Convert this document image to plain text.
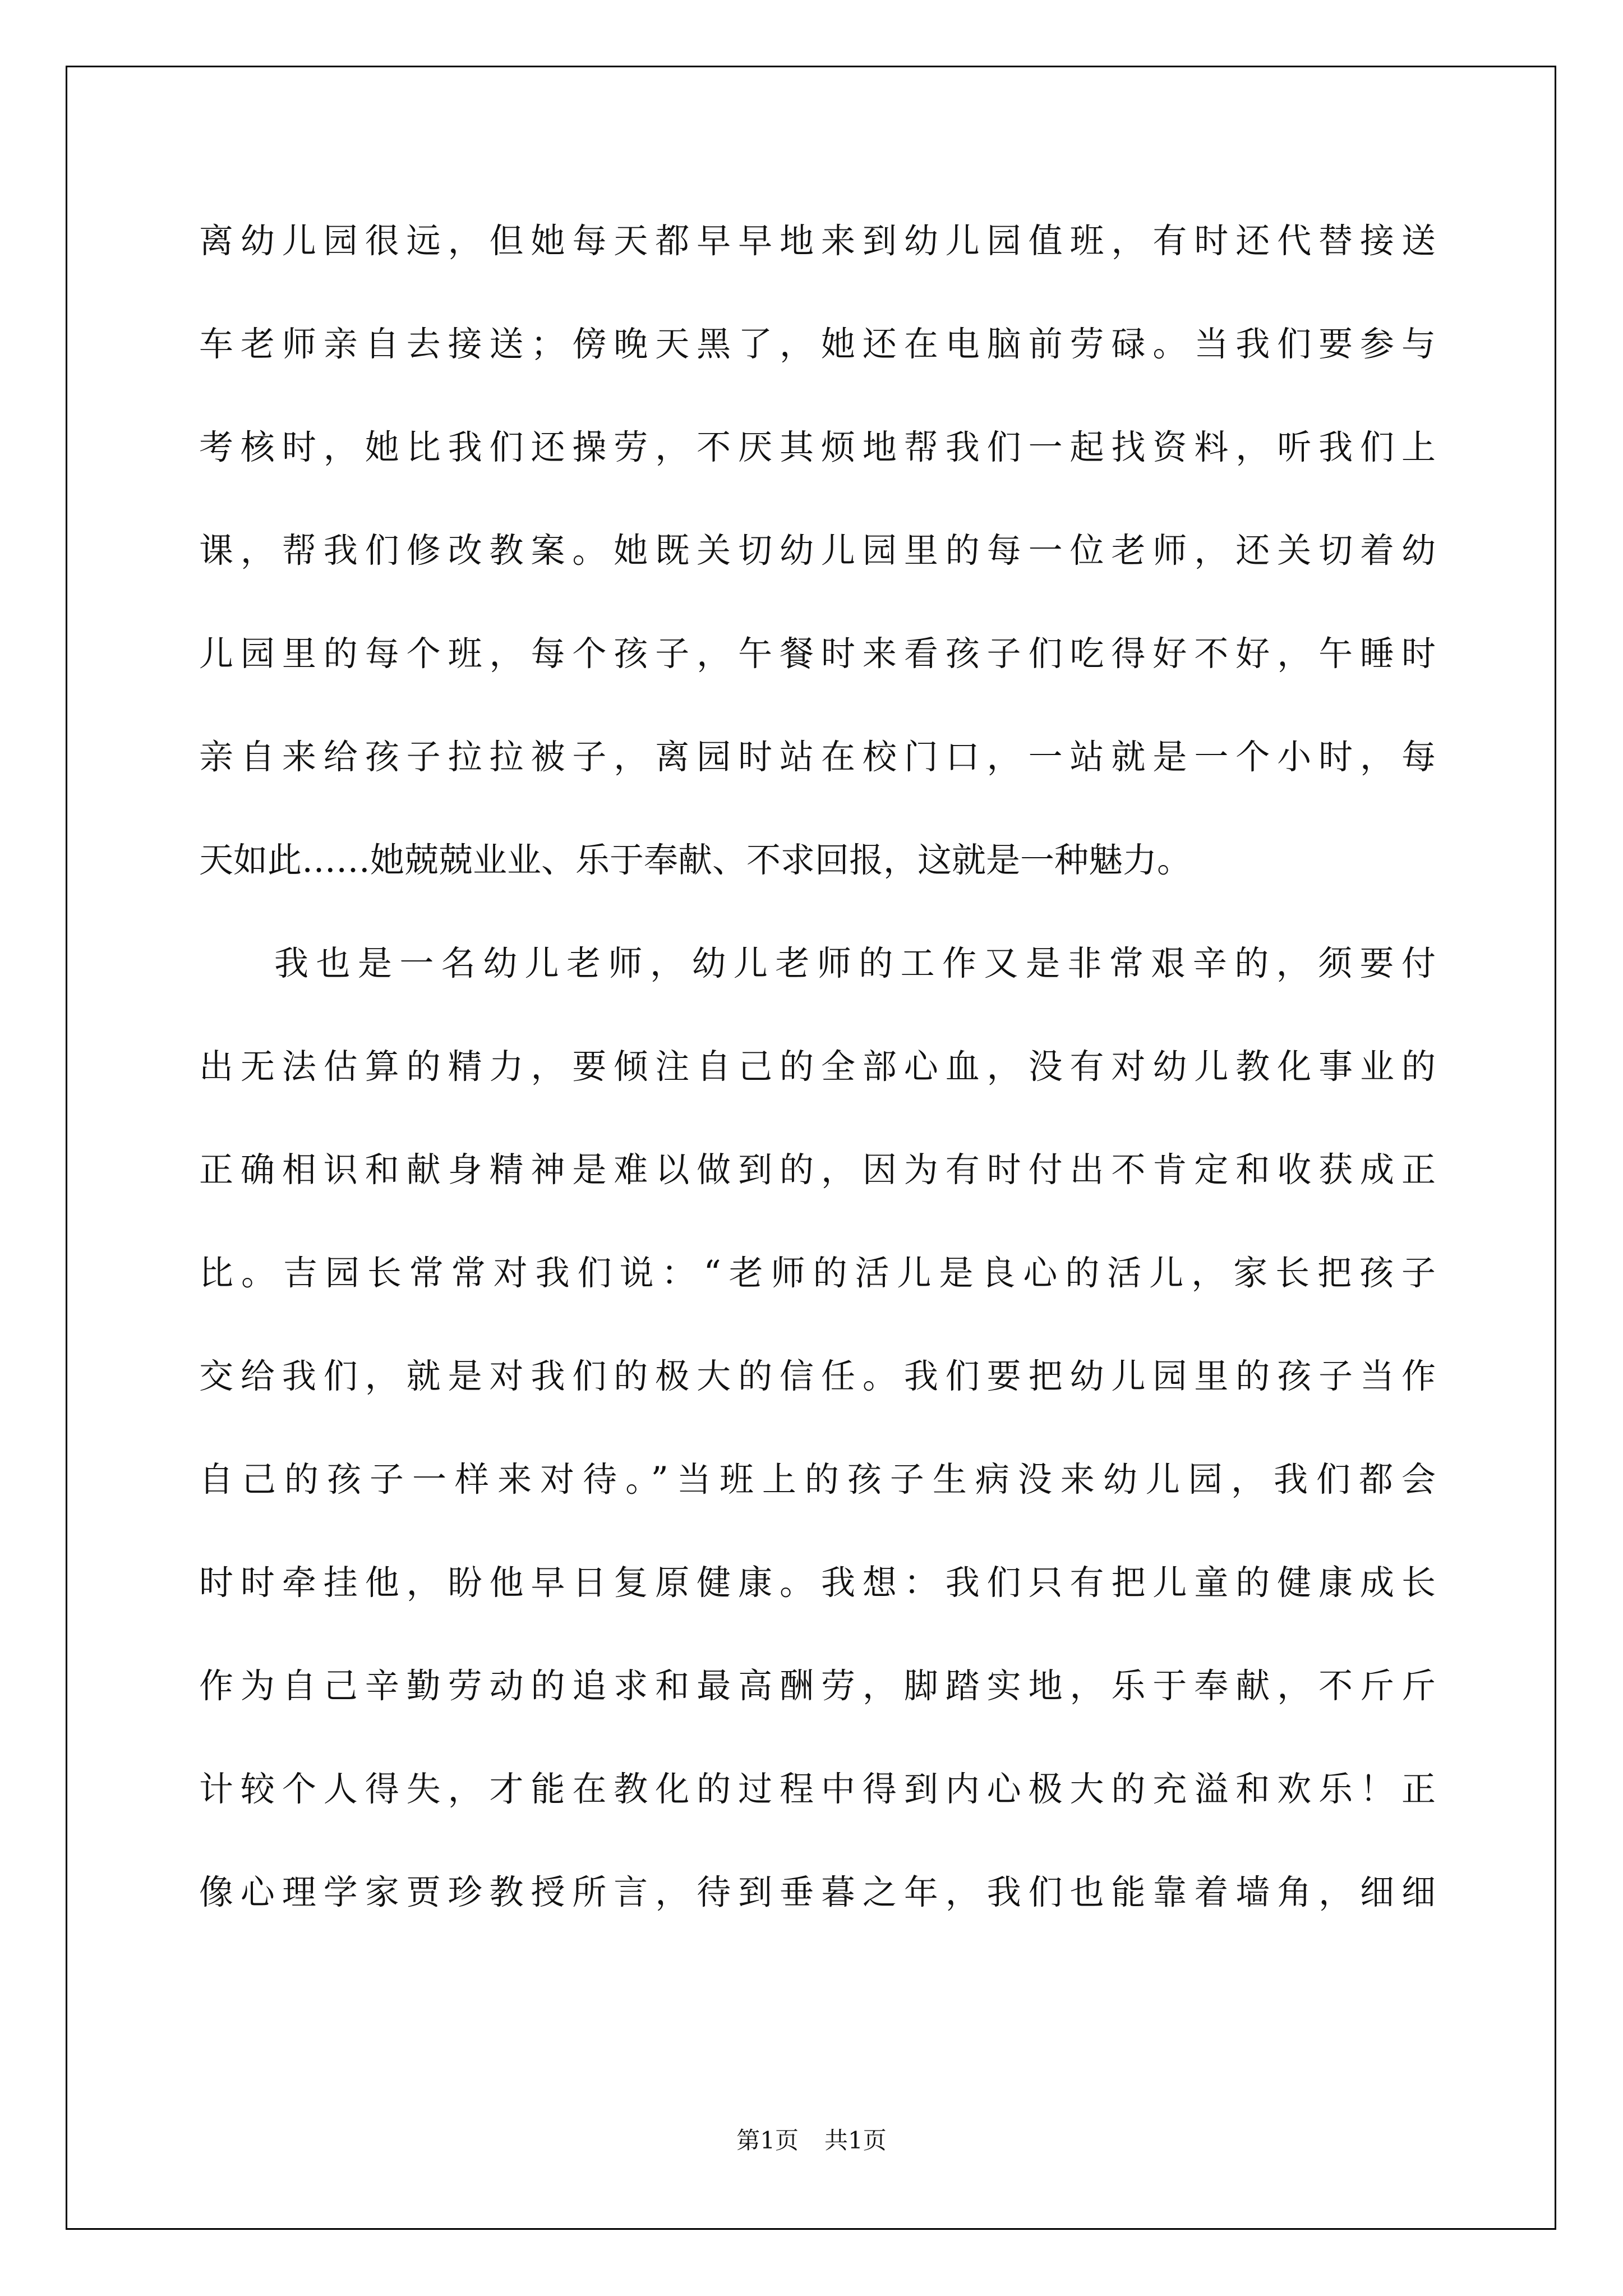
离幼儿园很远，但她每天都早早地来到幼儿园值班，有时还代替接送
车老师亲自去接送；傍晚天黑了，她还在电脑前劳碌。当我们要参与
考核时，她比我们还操劳，不厌其烦地帮我们一起找资料，听我们上
课，帮我们修改教案。她既关切幼儿园里的每一位老师，还关切着幼
儿园里的每个班，每个孩子，午餐时来看孩子们吃得好不好，午睡时
亲自来给孩子拉拉被子，离园时站在校门口，一站就是一个小时，每
天如此……她兢兢业业、乐于奉献、不求回报，这就是一种魅力。
我也是一名幼儿老师，幼儿老师的工作又是非常艰辛的，须要付
出无法估算的精力，要倾注自己的全部心血，没有对幼儿教化事业的
正确相识和献身精神是难以做到的，因为有时付出不肯定和收获成正
比。吉园长常常对我们说：“老师的活儿是良心的活儿，家长把孩子
交给我们，就是对我们的极大的信任。我们要把幼儿园里的孩子当作
自己的孩子一样来对待。”当班上的孩子生病没来幼儿园，我们都会
时时牵挂他，盼他早日复原健康。我想：我们只有把儿童的健康成长
作为自己辛勤劳动的追求和最高酬劳，脚踏实地，乐于奉献，不斤斤
计较个人得失，才能在教化的过程中得到内心极大的充溢和欢乐！正
像心理学家贾珍教授所言，待到垂暮之年，我们也能靠着墙角，细细
第1页 共1页
